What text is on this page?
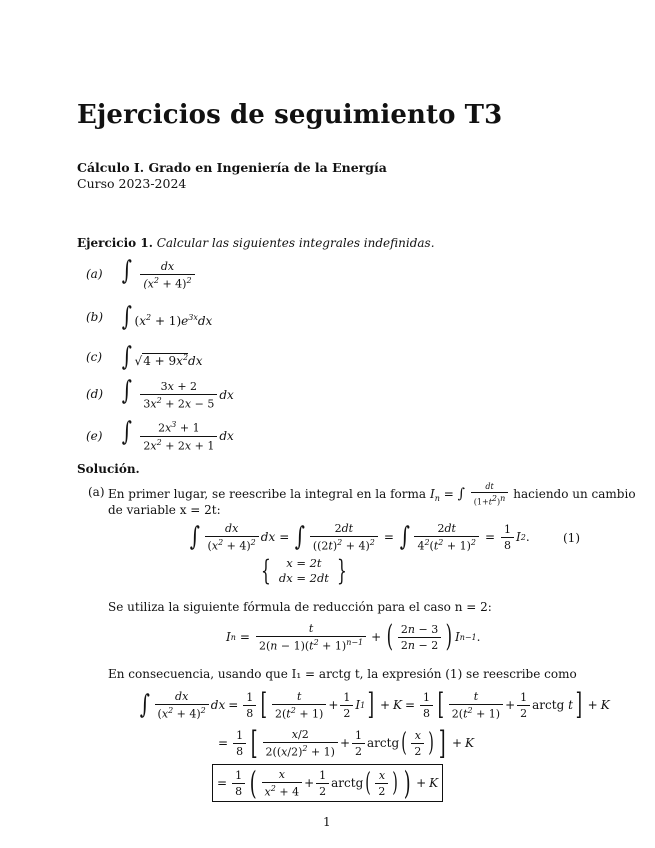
Ejercicios de seguimiento T3
Cálculo I. Grado en Ingeniería de la Energía
Curso 2023-2024
Ejercicio 1. Calcular las siguientes integrales indefinidas.
(a) ∫ $\frac{dx}{(x^2 + 4)^2}$
(b) ∫ $(x^2 + 1)e^{3x}dx$
(c) ∫ $√4 + 9x^2dx$
(d) ∫ $\frac{3x + 2}{3x^2 + 2x - 5}$ dx
(e) ∫ $\frac{2x^3 + 1}{2x^2 + 2x + 1}$ dx
Solución.
(a) En primer lugar, se reescribe la integral en la forma $I_n$ = ∫ $\frac{dt}{(1+t^2)^n}$ haciendo un cambio
de variable x = 2t:
∫ $\frac{dx}{(x^2 + 4)^2}$ dx = ∫ $\frac{2dt}{((2t)^2 + 4)^2}$ = ∫ $\frac{2dt}{4^2(t^2 + 1)^2} = \frac{1}{8}$ I 2 .	(1)
{ x = 2t
dx = 2dt }
Se utiliza la siguiente fórmula de reducción para el caso n = 2:
I $n = \frac{t}{2(n - 1)(t^2 + 1)^{n-1}}$ + ( $\frac{2n - 3}{2n - 2}$ ) I n−1 .
En consecuencia, usando que I₁ = arctg t, la expresión (1) se reescribe como
∫ $\frac{dx}{(x^2 + 4)^2}$ dx = $\frac{1}{8}$ [ $\frac{t}{2(t^2 + 1)} + \frac{1}{2}$ I 1 ] + $K = \frac{1}{8}$ [ $\frac{t}{2(t^2 + 1)} + \frac{1}{2}$ arctg t ] + K
= $\frac{1}{8}$ [ $\frac{x/2}{2((x/2)^2 + 1)} + \frac{1}{2}$ arctg ( $\frac{x}{2}$ ) ] + K
= $\frac{1}{8}$ ( $\frac{x}{x^2 + 4} + \frac{1}{2}$ arctg ( $\frac{x}{2}$ ) ) + K
1
